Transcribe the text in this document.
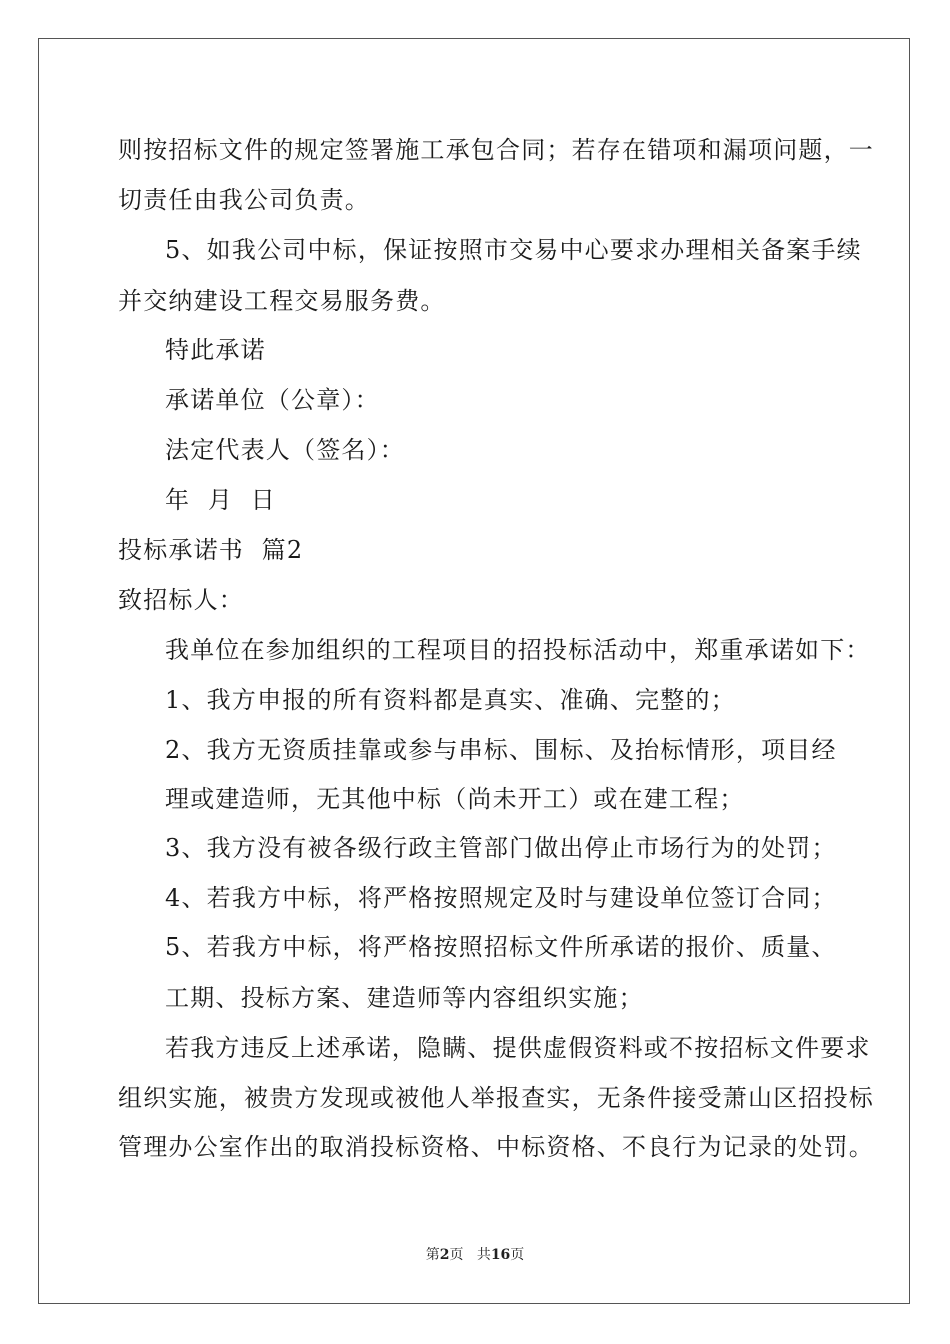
则按招标文件的规定签署施工承包合同；若存在错项和漏项问题，一
切责任由我公司负责。
5、如我公司中标，保证按照市交易中心要求办理相关备案手续
并交纳建设工程交易服务费。
特此承诺
承诺单位（公章）：
法定代表人（签名）：
年  月  日
投标承诺书  篇2
致招标人：
我单位在参加组织的工程项目的招投标活动中，郑重承诺如下：
1、我方申报的所有资料都是真实、准确、完整的；
2、我方无资质挂靠或参与串标、围标、及抬标情形，项目经
理或建造师，无其他中标（尚未开工）或在建工程；
3、我方没有被各级行政主管部门做出停止市场行为的处罚；
4、若我方中标，将严格按照规定及时与建设单位签订合同；
5、若我方中标，将严格按照招标文件所承诺的报价、质量、
工期、投标方案、建造师等内容组织实施；
若我方违反上述承诺，隐瞒、提供虚假资料或不按招标文件要求
组织实施，被贵方发现或被他人举报查实，无条件接受萧山区招投标
管理办公室作出的取消投标资格、中标资格、不良行为记录的处罚。
第2页 共16页
